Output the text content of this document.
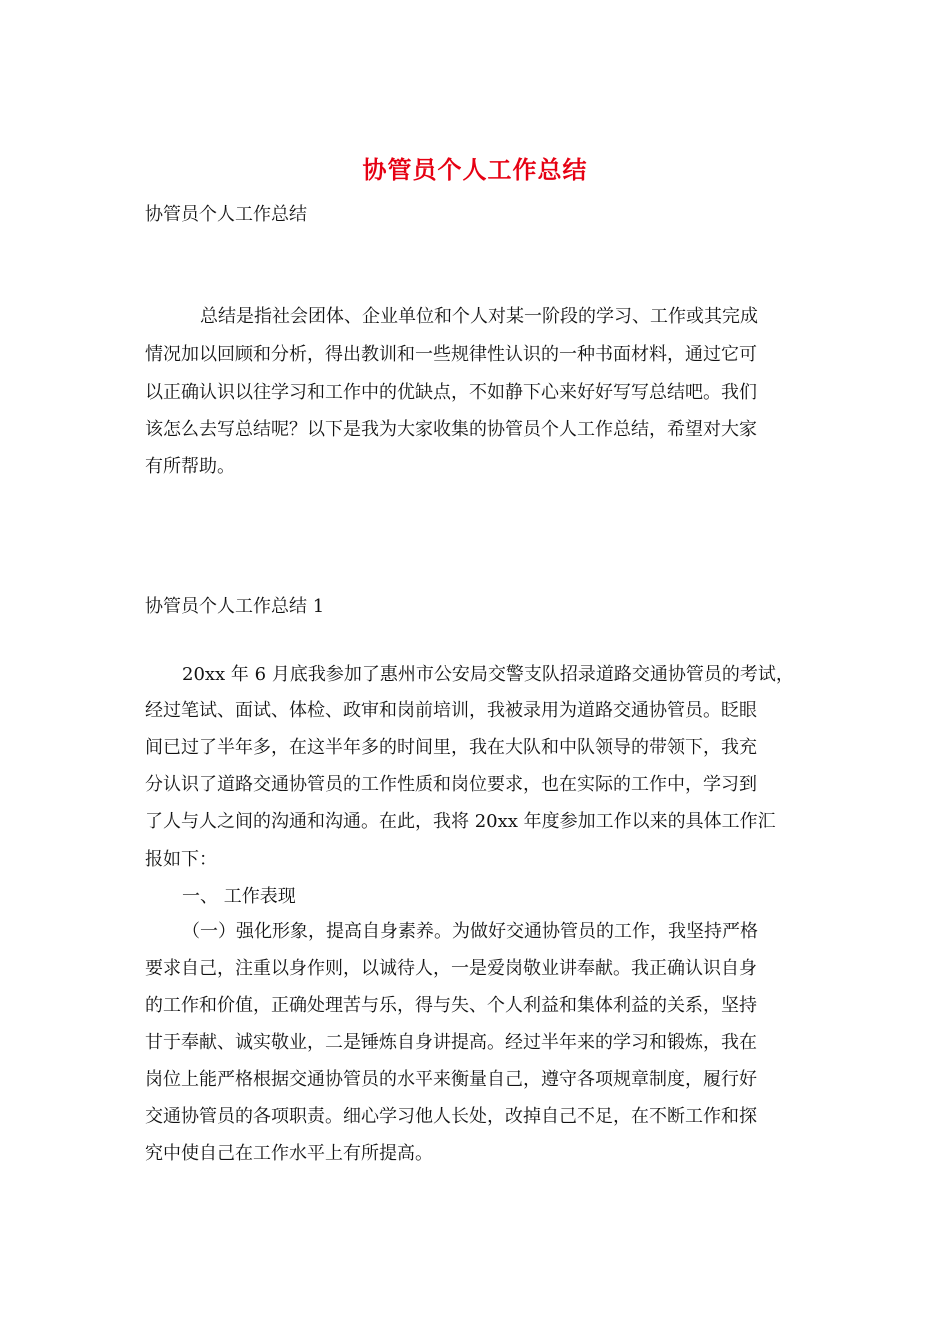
协管员个人工作总结
协管员个人工作总结
总结是指社会团体、企业单位和个人对某一阶段的学习、工作或其完成
情况加以回顾和分析，得出教训和一些规律性认识的一种书面材料，通过它可
以正确认识以往学习和工作中的优缺点，不如静下心来好好写写总结吧。我们
该怎么去写总结呢？以下是我为大家收集的协管员个人工作总结，希望对大家
有所帮助。
协管员个人工作总结 1
20xx 年 6 月底我参加了惠州市公安局交警支队招录道路交通协管员的考试，
经过笔试、面试、体检、政审和岗前培训，我被录用为道路交通协管员。眨眼
间已过了半年多，在这半年多的时间里，我在大队和中队领导的带领下，我充
分认识了道路交通协管员的工作性质和岗位要求，也在实际的工作中，学习到
了人与人之间的沟通和沟通。在此，我将 20xx 年度参加工作以来的具体工作汇
报如下：
一、 工作表现
（一）强化形象，提高自身素养。为做好交通协管员的工作，我坚持严格
要求自己，注重以身作则，以诚待人，一是爱岗敬业讲奉献。我正确认识自身
的工作和价值，正确处理苦与乐，得与失、个人利益和集体利益的关系，坚持
甘于奉献、诚实敬业，二是锤炼自身讲提高。经过半年来的学习和锻炼，我在
岗位上能严格根据交通协管员的水平来衡量自己，遵守各项规章制度，履行好
交通协管员的各项职责。细心学习他人长处，改掉自己不足，在不断工作和探
究中使自己在工作水平上有所提高。
